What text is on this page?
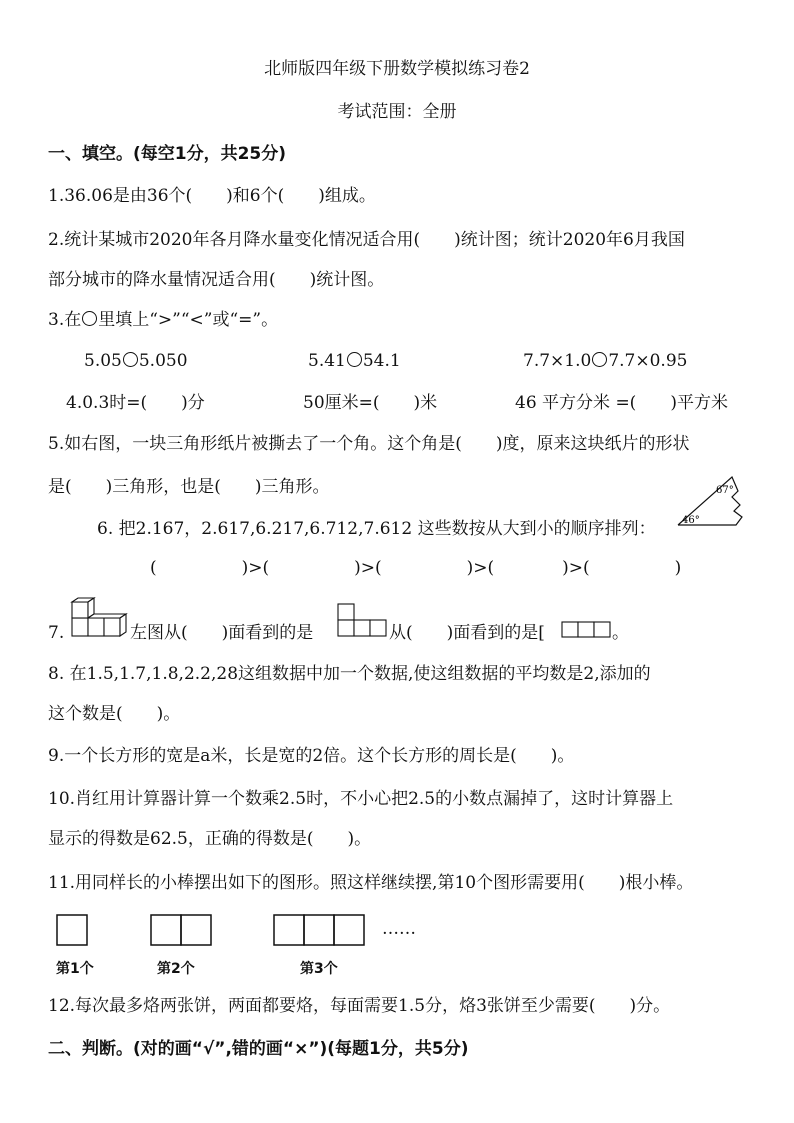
北师版四年级下册数学模拟练习卷2
考试范围：全册
一、填空。(每空1分，共25分)
1.36.06是由36个(　　)和6个(　　)组成。
2.统计某城市2020年各月降水量变化情况适合用(　　)统计图；统计2020年6月我国
部分城市的降水量情况适合用(　　)统计图。
3.在 里填上“>”“<”或“=”。
5.05 5.050	5.41 54.1	7.7×1.0 7.7×0.95
4.0.3时=(　　)分	50厘米=(　　)米	46 平方分米 =(　　)平方米
5.如右图，一块三角形纸片被撕去了一个角。这个角是(　　)度，原来这块纸片的形状
是(　　)三角形，也是(　　)三角形。	67°
46°
6. 把2.167，2.617,6.217,6.712,7.612 这些数按从大到小的顺序排列：
(　　　　　)>(　　　　　)>(　　　　　)>(　　　　)>(　　　　　)
7.	左图从(　　)面看到的是	从(　　)面看到的是[	。
8. 在1.5,1.7,1.8,2.2,28这组数据中加一个数据,使这组数据的平均数是2,添加的
这个数是(　　)。
9.一个长方形的宽是a米，长是宽的2倍。这个长方形的周长是(　　)。
10.肖红用计算器计算一个数乘2.5时，不小心把2.5的小数点漏掉了，这时计算器上
显示的得数是62.5，正确的得数是(　　)。
11.用同样长的小棒摆出如下的图形。照这样继续摆,第10个图形需要用(　　)根小棒。
……
第1个	第2个	第3个
12.每次最多烙两张饼，两面都要烙，每面需要1.5分，烙3张饼至少需要(　　)分。
二、判断。(对的画“√”,错的画“×”)(每题1分，共5分)
